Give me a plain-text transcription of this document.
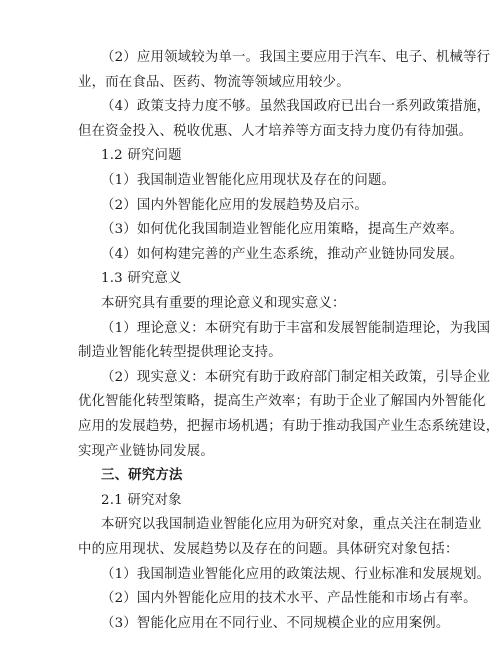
（2）应用领域较为单一。我国主要应用于汽车、电子、机械等行
业，而在食品、医药、物流等领域应用较少。
（4）政策支持力度不够。虽然我国政府已出台一系列政策措施，
但在资金投入、税收优惠、人才培养等方面支持力度仍有待加强。
1.2 研究问题
（1）我国制造业智能化应用现状及存在的问题。
（2）国内外智能化应用的发展趋势及启示。
（3）如何优化我国制造业智能化应用策略，提高生产效率。
（4）如何构建完善的产业生态系统，推动产业链协同发展。
1.3 研究意义
本研究具有重要的理论意义和现实意义：
（1）理论意义：本研究有助于丰富和发展智能制造理论，为我国
制造业智能化转型提供理论支持。
（2）现实意义：本研究有助于政府部门制定相关政策，引导企业
优化智能化转型策略，提高生产效率；有助于企业了解国内外智能化
应用的发展趋势，把握市场机遇；有助于推动我国产业生态系统建设，
实现产业链协同发展。
三、研究方法
2.1 研究对象
本研究以我国制造业智能化应用为研究对象，重点关注在制造业
中的应用现状、发展趋势以及存在的问题。具体研究对象包括：
（1）我国制造业智能化应用的政策法规、行业标准和发展规划。
（2）国内外智能化应用的技术水平、产品性能和市场占有率。
（3）智能化应用在不同行业、不同规模企业的应用案例。
